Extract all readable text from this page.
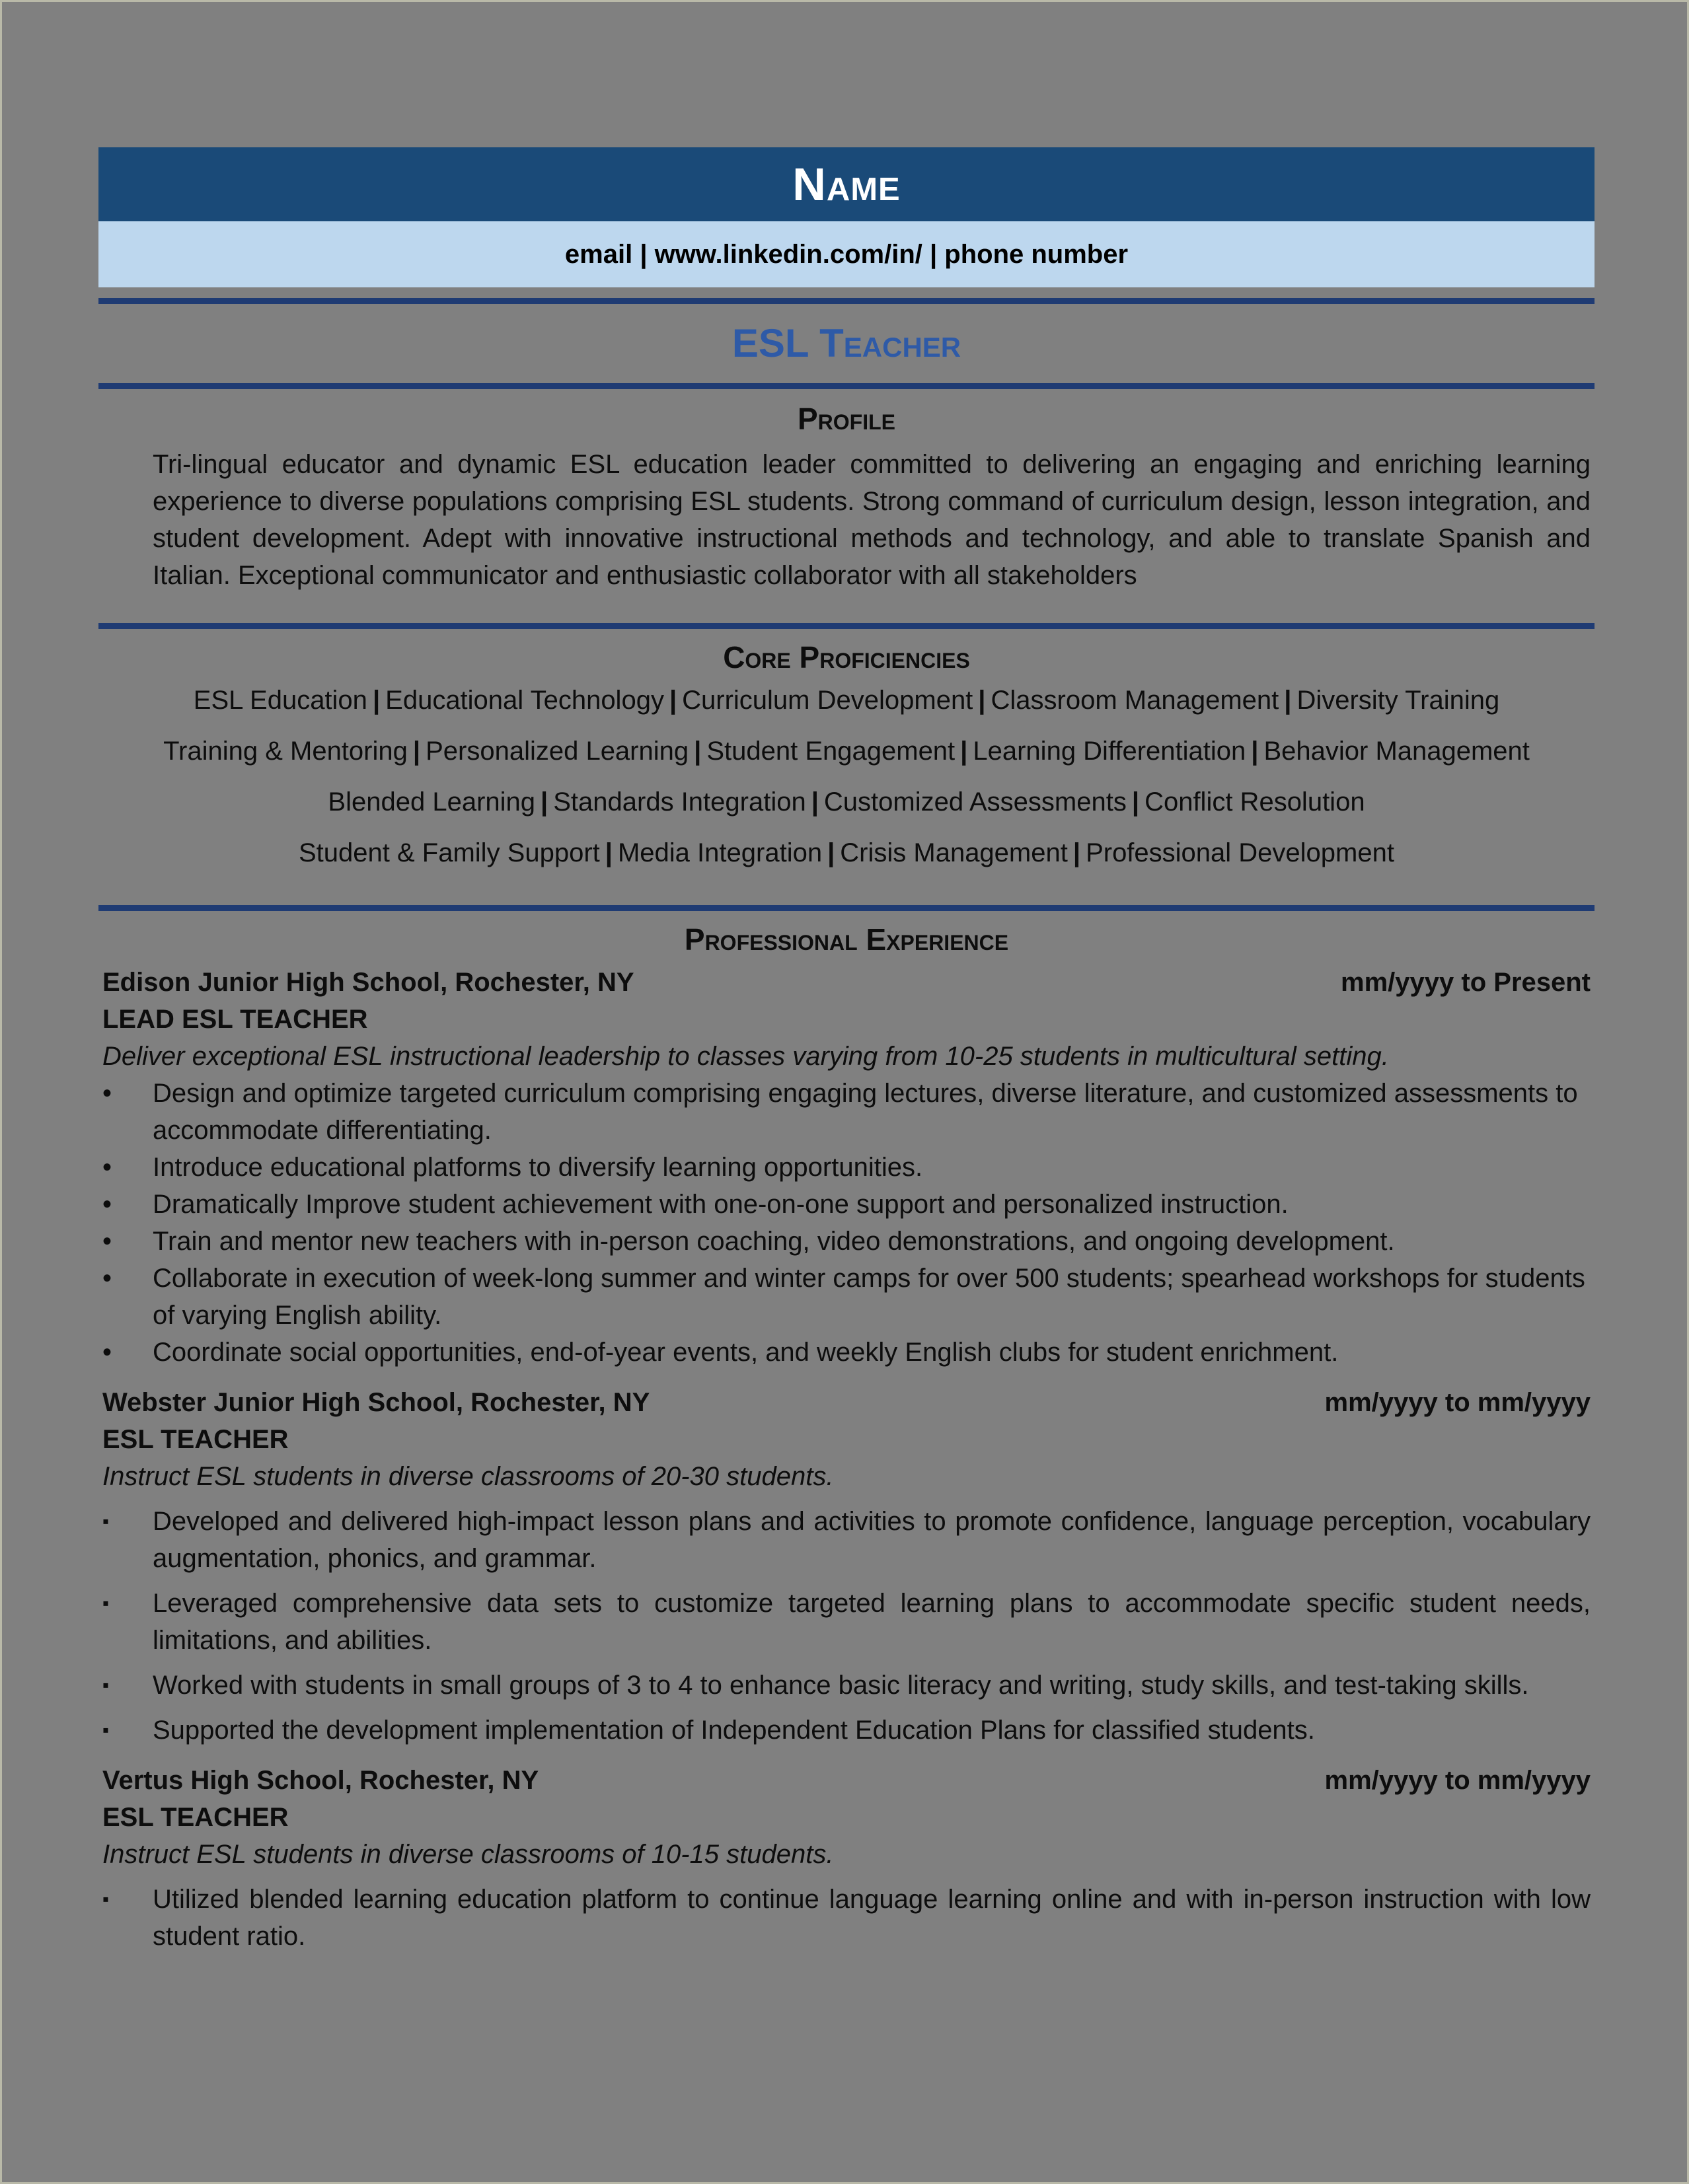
Name
email | www.linkedin.com/in/ | phone number
ESL Teacher
Profile
Tri-lingual educator and dynamic ESL education leader committed to delivering an engaging and enriching learning experience to diverse populations comprising ESL students. Strong command of curriculum design, lesson integration, and student development. Adept with innovative instructional methods and technology, and able to translate Spanish and Italian. Exceptional communicator and enthusiastic collaborator with all stakeholders
Core Proficiencies
ESL Education | Educational Technology | Curriculum Development | Classroom Management | Diversity Training
Training & Mentoring | Personalized Learning | Student Engagement | Learning Differentiation | Behavior Management
Blended Learning | Standards Integration | Customized Assessments | Conflict Resolution
Student & Family Support | Media Integration | Crisis Management | Professional Development
Professional Experience
Edison Junior High School, Rochester, NY	mm/yyyy to Present
LEAD ESL TEACHER
Deliver exceptional ESL instructional leadership to classes varying from 10-25 students in multicultural setting.
•	Design and optimize targeted curriculum comprising engaging lectures, diverse literature, and customized assessments to accommodate differentiating.
•	Introduce educational platforms to diversify learning opportunities.
•	Dramatically Improve student achievement with one-on-one support and personalized instruction.
•	Train and mentor new teachers with in-person coaching, video demonstrations, and ongoing development.
•	Collaborate in execution of week-long summer and winter camps for over 500 students; spearhead workshops for students of varying English ability.
•	Coordinate social opportunities, end-of-year events, and weekly English clubs for student enrichment.
Webster Junior High School, Rochester, NY	mm/yyyy to mm/yyyy
ESL TEACHER
Instruct ESL students in diverse classrooms of 20-30 students.
▪	Developed and delivered high-impact lesson plans and activities to promote confidence, language perception, vocabulary augmentation, phonics, and grammar.
▪	Leveraged comprehensive data sets to customize targeted learning plans to accommodate specific student needs, limitations, and abilities.
▪	Worked with students in small groups of 3 to 4 to enhance basic literacy and writing, study skills, and test-taking skills.
▪	Supported the development implementation of Independent Education Plans for classified students.
Vertus High School, Rochester, NY	mm/yyyy to mm/yyyy
ESL TEACHER
Instruct ESL students in diverse classrooms of 10-15 students.
▪	Utilized blended learning education platform to continue language learning online and with in-person instruction with low student ratio.
